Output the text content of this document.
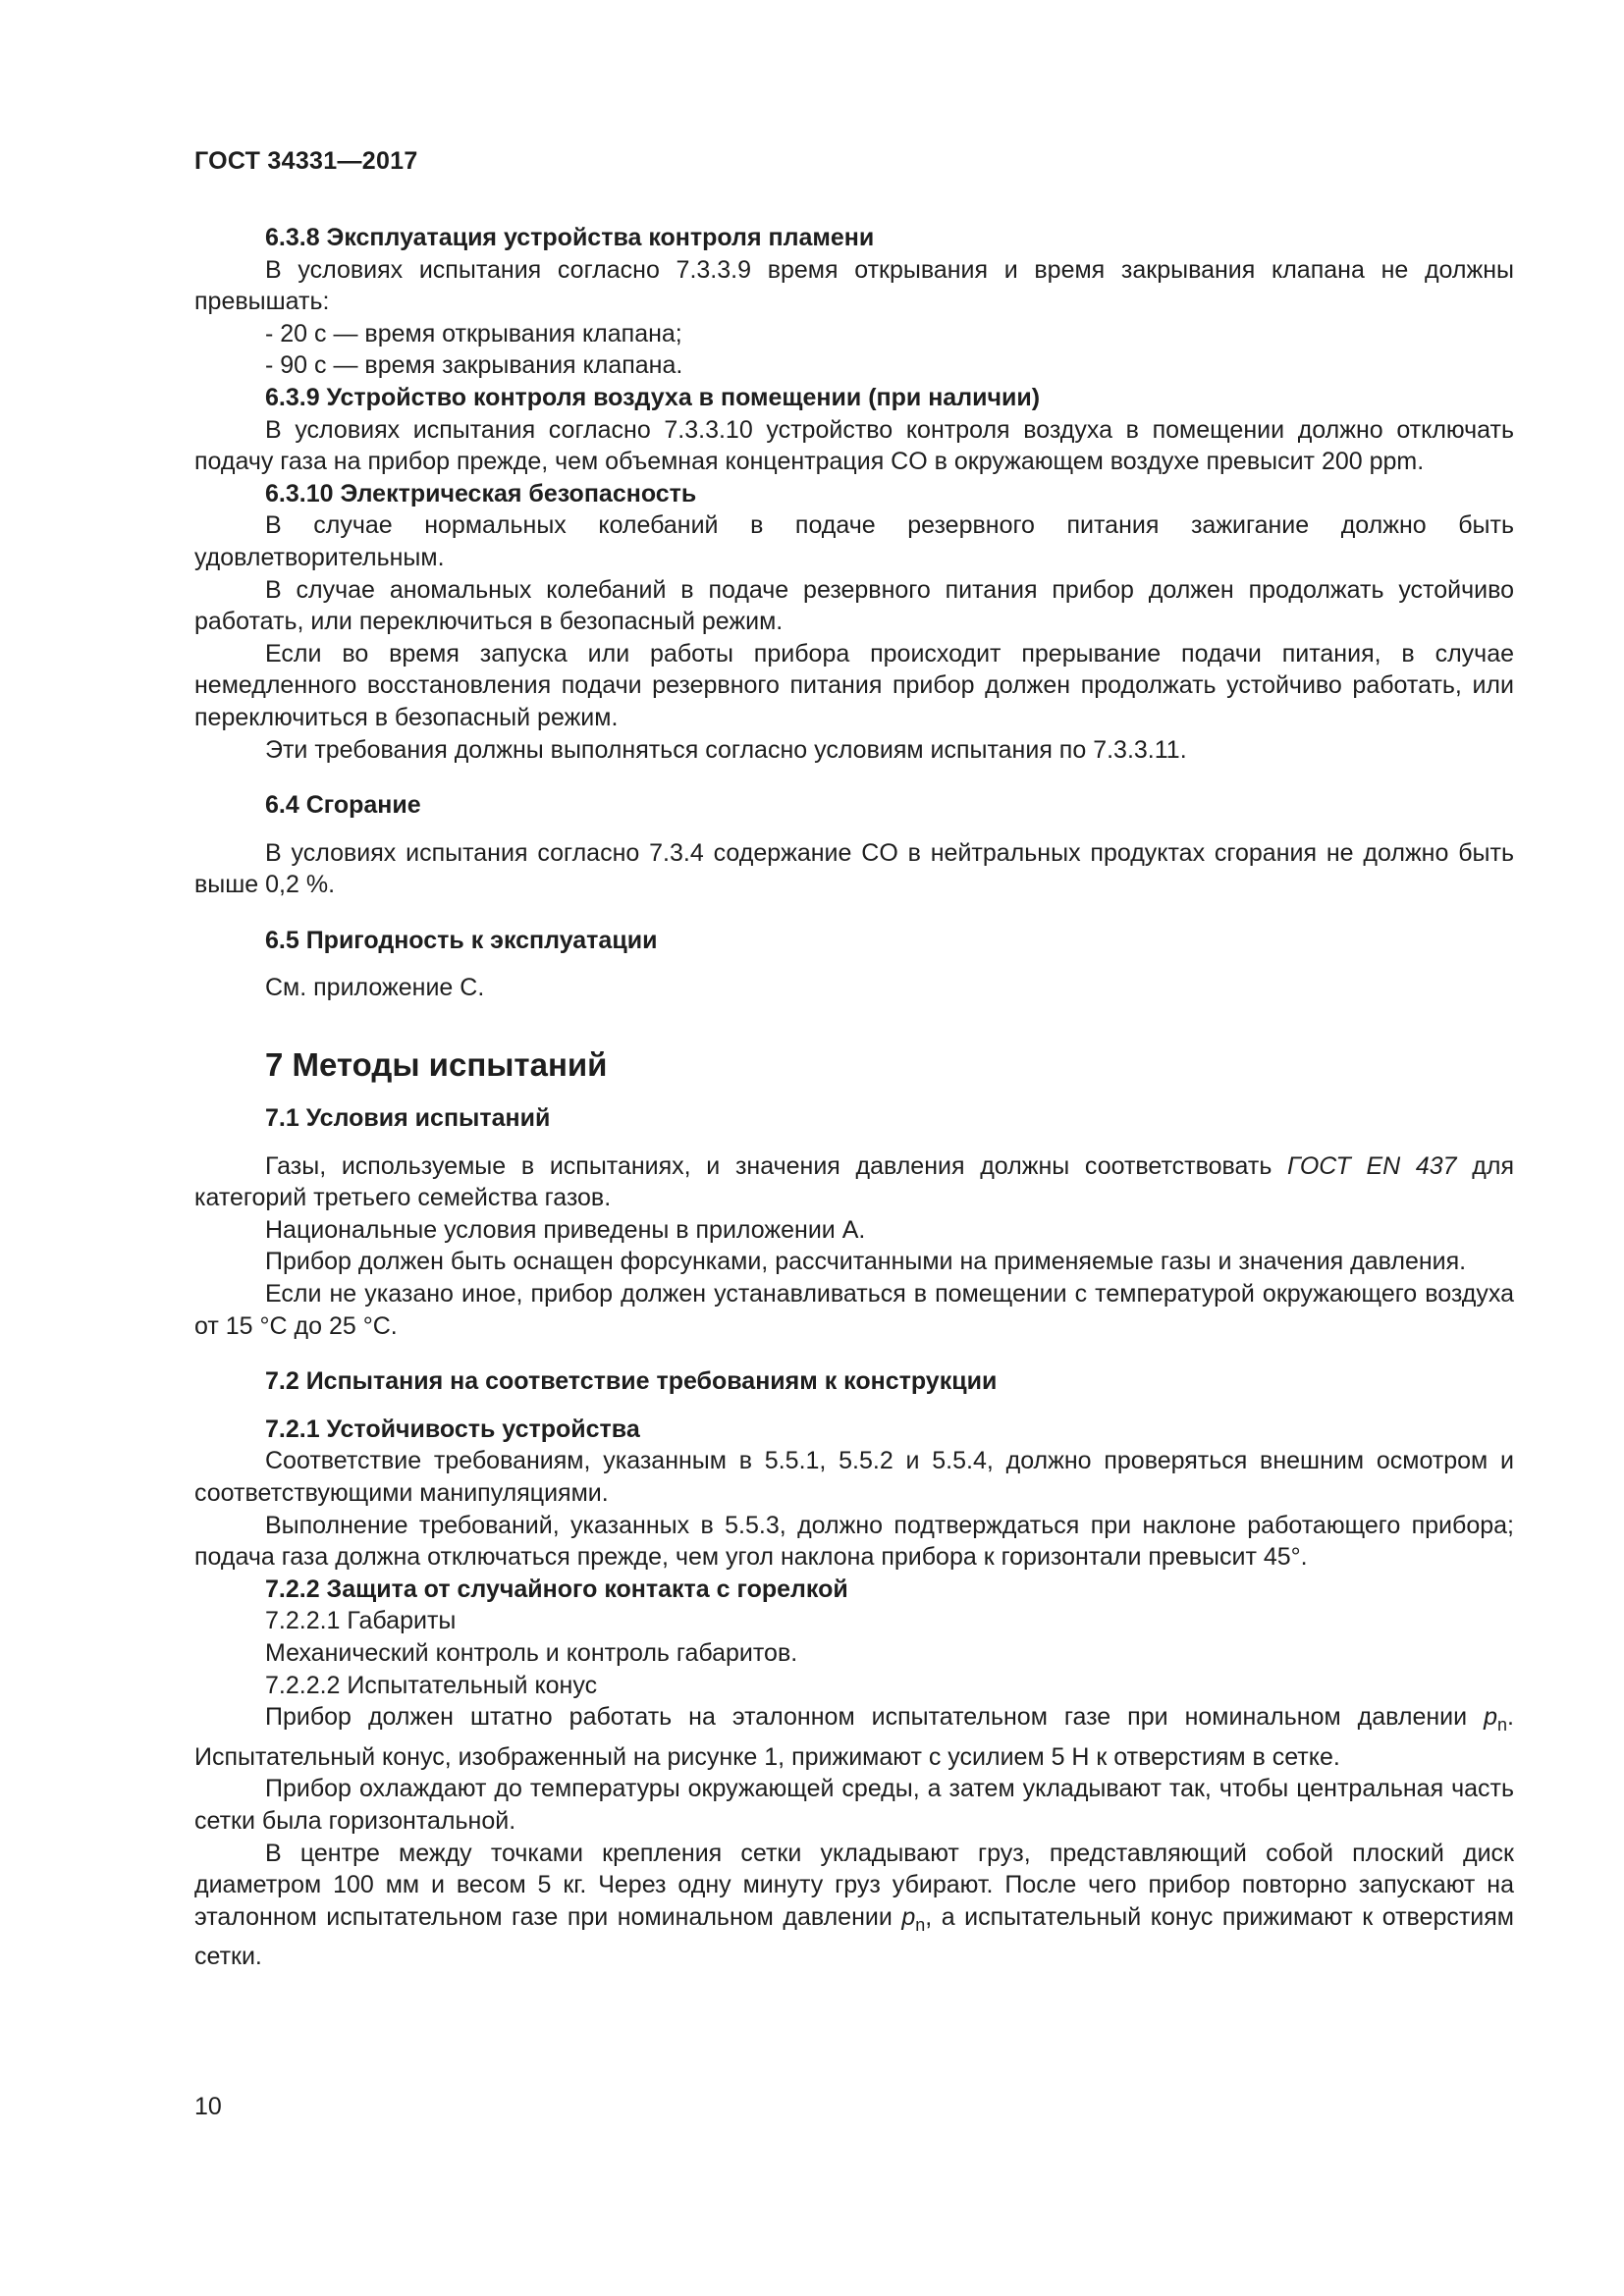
ГОСТ 34331—2017

6.3.8 Эксплуатация устройства контроля пламени

В условиях испытания согласно 7.3.3.9 время открывания и время закрывания клапана не должны превышать:

- 20 с — время открывания клапана;

- 90 с — время закрывания клапана.

6.3.9 Устройство контроля воздуха в помещении (при наличии)

В условиях испытания согласно 7.3.3.10 устройство контроля воздуха в помещении должно отключать подачу газа на прибор прежде, чем объемная концентрация CO в окружающем воздухе превысит 200 ppm.

6.3.10 Электрическая безопасность

В случае нормальных колебаний в подаче резервного питания зажигание должно быть удовлетворительным.

В случае аномальных колебаний в подаче резервного питания прибор должен продолжать устойчиво работать, или переключиться в безопасный режим.

Если во время запуска или работы прибора происходит прерывание подачи питания, в случае немедленного восстановления подачи резервного питания прибор должен продолжать устойчиво работать, или переключиться в безопасный режим.

Эти требования должны выполняться согласно условиям испытания по 7.3.3.11.

6.4 Сгорание

В условиях испытания согласно 7.3.4 содержание CO в нейтральных продуктах сгорания не должно быть выше 0,2 %.

6.5 Пригодность к эксплуатации

См. приложение C.

7 Методы испытаний
7.1 Условия испытаний

Газы, используемые в испытаниях, и значения давления должны соответствовать ГОСТ EN 437 для категорий третьего семейства газов.

Национальные условия приведены в приложении A.

Прибор должен быть оснащен форсунками, рассчитанными на применяемые газы и значения давления.

Если не указано иное, прибор должен устанавливаться в помещении с температурой окружающего воздуха от 15 °C до 25 °C.

7.2 Испытания на соответствие требованиям к конструкции
7.2.1 Устойчивость устройства

Соответствие требованиям, указанным в 5.5.1, 5.5.2 и 5.5.4, должно проверяться внешним осмотром и соответствующими манипуляциями.

Выполнение требований, указанных в 5.5.3, должно подтверждаться при наклоне работающего прибора; подача газа должна отключаться прежде, чем угол наклона прибора к горизонтали превысит 45°.

7.2.2 Защита от случайного контакта с горелкой

7.2.2.1 Габариты

Механический контроль и контроль габаритов.

7.2.2.2 Испытательный конус

Прибор должен штатно работать на эталонном испытательном газе при номинальном давлении $p_n$. Испытательный конус, изображенный на рисунке 1, прижимают с усилием 5 Н к отверстиям в сетке.

Прибор охлаждают до температуры окружающей среды, а затем укладывают так, чтобы центральная часть сетки была горизонтальной.

В центре между точками крепления сетки укладывают груз, представляющий собой плоский диск диаметром 100 мм и весом 5 кг. Через одну минуту груз убирают. После чего прибор повторно запускают на эталонном испытательном газе при номинальном давлении $p_n$, а испытательный конус прижимают к отверстиям сетки.

10
